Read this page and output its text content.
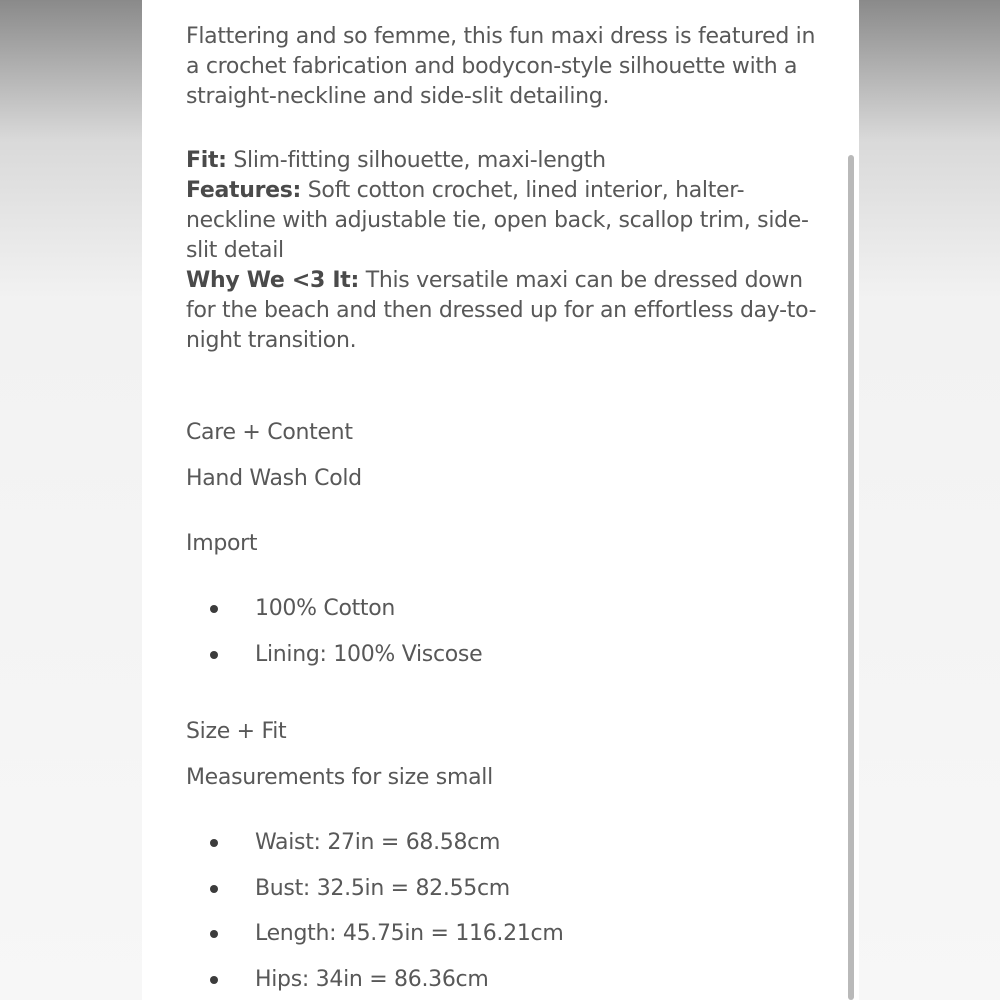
Flattering and so femme, this fun maxi dress is featured in a crochet fabrication and bodycon-style silhouette with a straight-neckline and side-slit detailing.

Fit: Slim-fitting silhouette, maxi-length

Features: Soft cotton crochet, lined interior, halter-neckline with adjustable tie, open back, scallop trim, side-slit detail

Why We <3 It: This versatile maxi can be dressed down for the beach and then dressed up for an effortless day-to-night transition.

Care + Content

Hand Wash Cold

Import

100% Cotton
Lining: 100% Viscose

Size + Fit

Measurements for size small

Waist: 27in = 68.58cm
Bust: 32.5in = 82.55cm
Length: 45.75in = 116.21cm
Hips: 34in = 86.36cm
